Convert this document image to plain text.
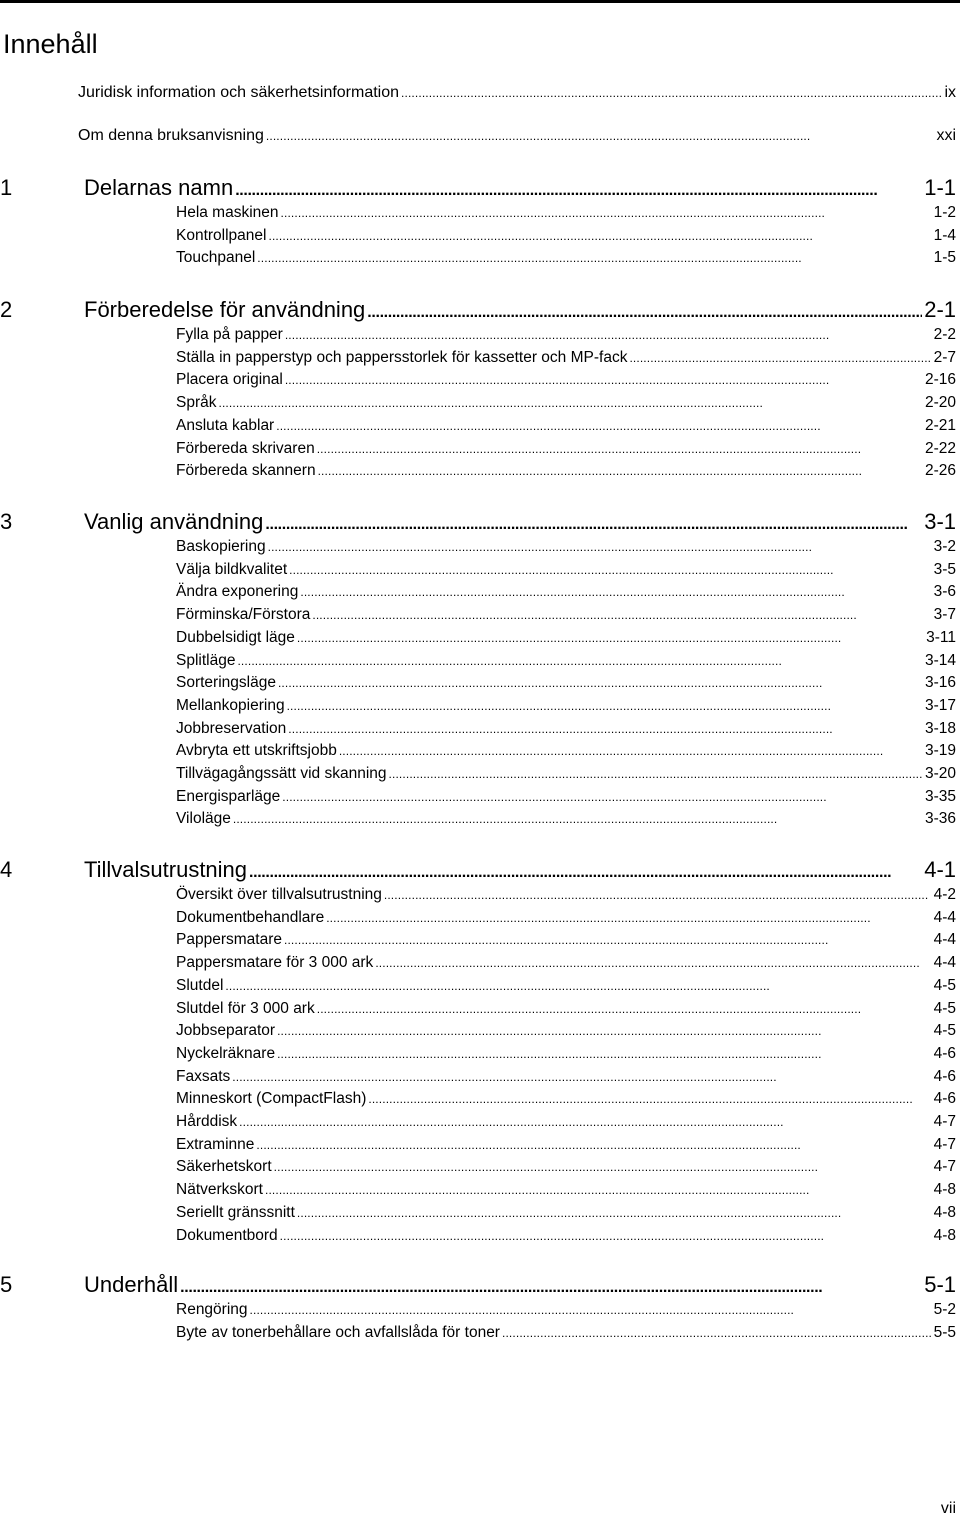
Innehåll
Juridisk information och säkerhetsinformation . . .	ix
Om denna bruksanvisning . . .	xxi
1	Delarnas namn . . .	1-1
Hela maskinen . . .	1-2
Kontrollpanel . . .	1-4
Touchpanel . . .	1-5
2	Förberedelse för användning . . .	2-1
Fylla på papper . . .	2-2
Ställa in papperstyp och pappersstorlek för kassetter och MP-fack . . .	2-7
Placera original . . .	2-16
Språk . . .	2-20
Ansluta kablar . . .	2-21
Förbereda skrivaren . . .	2-22
Förbereda skannern . . .	2-26
3	Vanlig användning . . .	3-1
Baskopiering . . .	3-2
Välja bildkvalitet . . .	3-5
Ändra exponering . . .	3-6
Förminska/Förstora . . .	3-7
Dubbelsidigt läge . . .	3-11
Splitläge . . .	3-14
Sorteringsläge . . .	3-16
Mellankopiering . . .	3-17
Jobbreservation . . .	3-18
Avbryta ett utskriftsjobb . . .	3-19
Tillvägagångssätt vid skanning . . .	3-20
Energisparläge . . .	3-35
Viloläge . . .	3-36
4	Tillvalsutrustning . . .	4-1
Översikt över tillvalsutrustning . . .	4-2
Dokumentbehandlare . . .	4-4
Pappersmatare . . .	4-4
Pappersmatare för 3 000 ark . . .	4-4
Slutdel . . .	4-5
Slutdel för 3 000 ark . . .	4-5
Jobbseparator . . .	4-5
Nyckelräknare . . .	4-6
Faxsats . . .	4-6
Minneskort (CompactFlash) . . .	4-6
Hårddisk . . .	4-7
Extraminne . . .	4-7
Säkerhetskort . . .	4-7
Nätverkskort . . .	4-8
Seriellt gränssnitt . . .	4-8
Dokumentbord . . .	4-8
5	Underhåll . . .	5-1
Rengöring . . .	5-2
Byte av tonerbehållare och avfallslåda för toner . . .	5-5
vii
